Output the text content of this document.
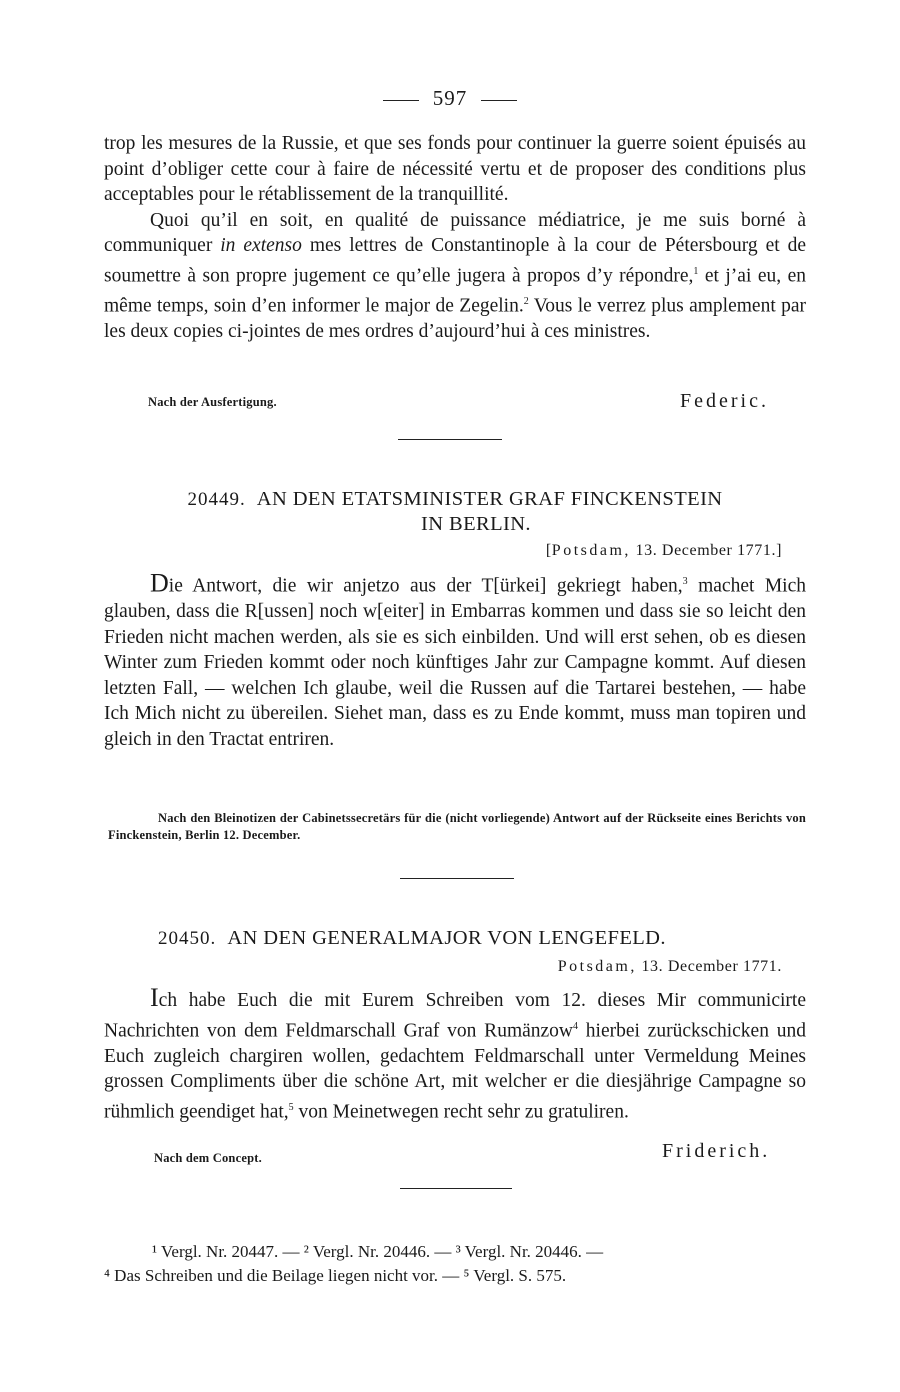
597

trop les mesures de la Russie, et que ses fonds pour continuer la guerre soient épuisés au point d’obliger cette cour à faire de nécessité vertu et de proposer des conditions plus acceptables pour le rétablissement de la tranquillité.

Quoi qu’il en soit, en qualité de puissance médiatrice, je me suis borné à communiquer in extenso mes lettres de Constantinople à la cour de Pétersbourg et de soumettre à son propre jugement ce qu’elle jugera à propos d’y répondre,$^1$ et j’ai eu, en même temps, soin d’en informer le major de Zegelin.$^2$ Vous le verrez plus amplement par les deux copies ci-jointes de mes ordres d’aujourd’hui à ces ministres.

Nach der Ausfertigung.	Federic.
20449. AN DEN ETATSMINISTER GRAF FINCKENSTEIN
IN BERLIN.
[Potsdam, 13. December 1771.]

Die Antwort, die wir anjetzo aus der T[ürkei] gekriegt haben,$^3$ machet Mich glauben, dass die R[ussen] noch w[eiter] in Embarras kommen und dass sie so leicht den Frieden nicht machen werden, als sie es sich einbilden. Und will erst sehen, ob es diesen Winter zum Frieden kommt oder noch künftiges Jahr zur Campagne kommt. Auf diesen letzten Fall, — welchen Ich glaube, weil die Russen auf die Tartarei bestehen, — habe Ich Mich nicht zu übereilen. Siehet man, dass es zu Ende kommt, muss man topiren und gleich in den Tractat entriren.

Nach den Bleinotizen der Cabinetssecretärs für die (nicht vorliegende) Antwort auf der Rückseite eines Berichts von Finckenstein, Berlin 12. December.
20450. AN DEN GENERALMAJOR VON LENGEFELD.
Potsdam, 13. December 1771.

Ich habe Euch die mit Eurem Schreiben vom 12. dieses Mir communicirte Nachrichten von dem Feldmarschall Graf von Rumänzow$^4$ hierbei zurückschicken und Euch zugleich chargiren wollen, gedachtem Feldmarschall unter Vermeldung Meines grossen Compliments über die schöne Art, mit welcher er die diesjährige Campagne so rühmlich geendiget hat,$^5$ von Meinetwegen recht sehr zu gratuliren.

Nach dem Concept.	Friderich.
¹ Vergl. Nr. 20447. — ² Vergl. Nr. 20446. — ³ Vergl. Nr. 20446. —
⁴ Das Schreiben und die Beilage liegen nicht vor. — ⁵ Vergl. S. 575.
